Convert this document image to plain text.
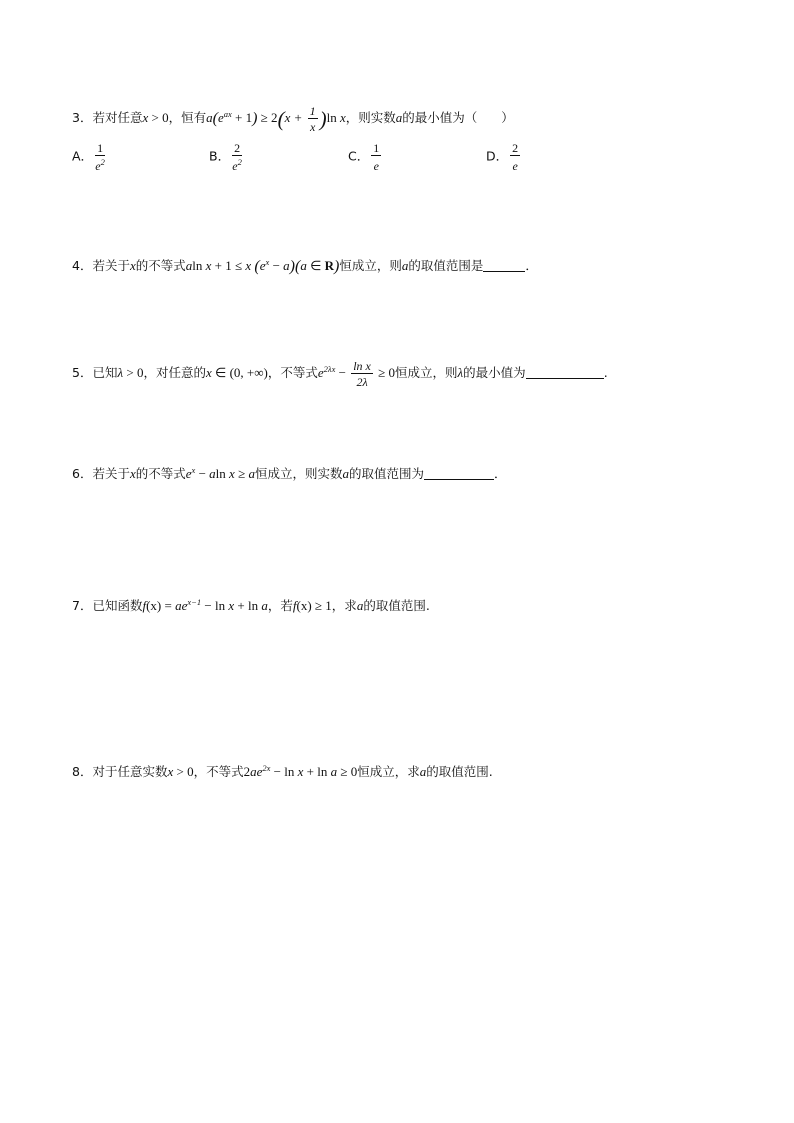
3．若对任意x > 0，恒有$a(e^{ax} + 1) \ge 2(x + \frac{1}{x} )\ln$ x，则实数a的最小值为（ ）
A． $\frac{1}{e^2}$	B． $\frac{2}{e^2}$	C． $\frac{1}{e}$	D． $\frac{2}{e}$
4．若关于x的不等式aln x + 1 ≤ x $(e^x - a)(a$ ∈ R)恒成立，则a的取值范围是	．
5．已知λ > 0，对任意的x ∈ (0, +∞)，不等式$e^{2\lambda x} - \frac{\text{ln x}}{2\lambda} \ge 0$恒成立，则λ的最小值为	.
6．若关于x的不等式$e^x - aln$ x ≥ a恒成立，则实数a的取值范围为	．
7．已知函数$f(x) = ae^{x-1} - \ln x + \ln a$，若f(x) ≥ 1，求a的取值范围.
8．对于任意实数x > 0，不等式$2ae^{2x} - \ln x + \ln a \ge 0$恒成立，求a的取值范围.
